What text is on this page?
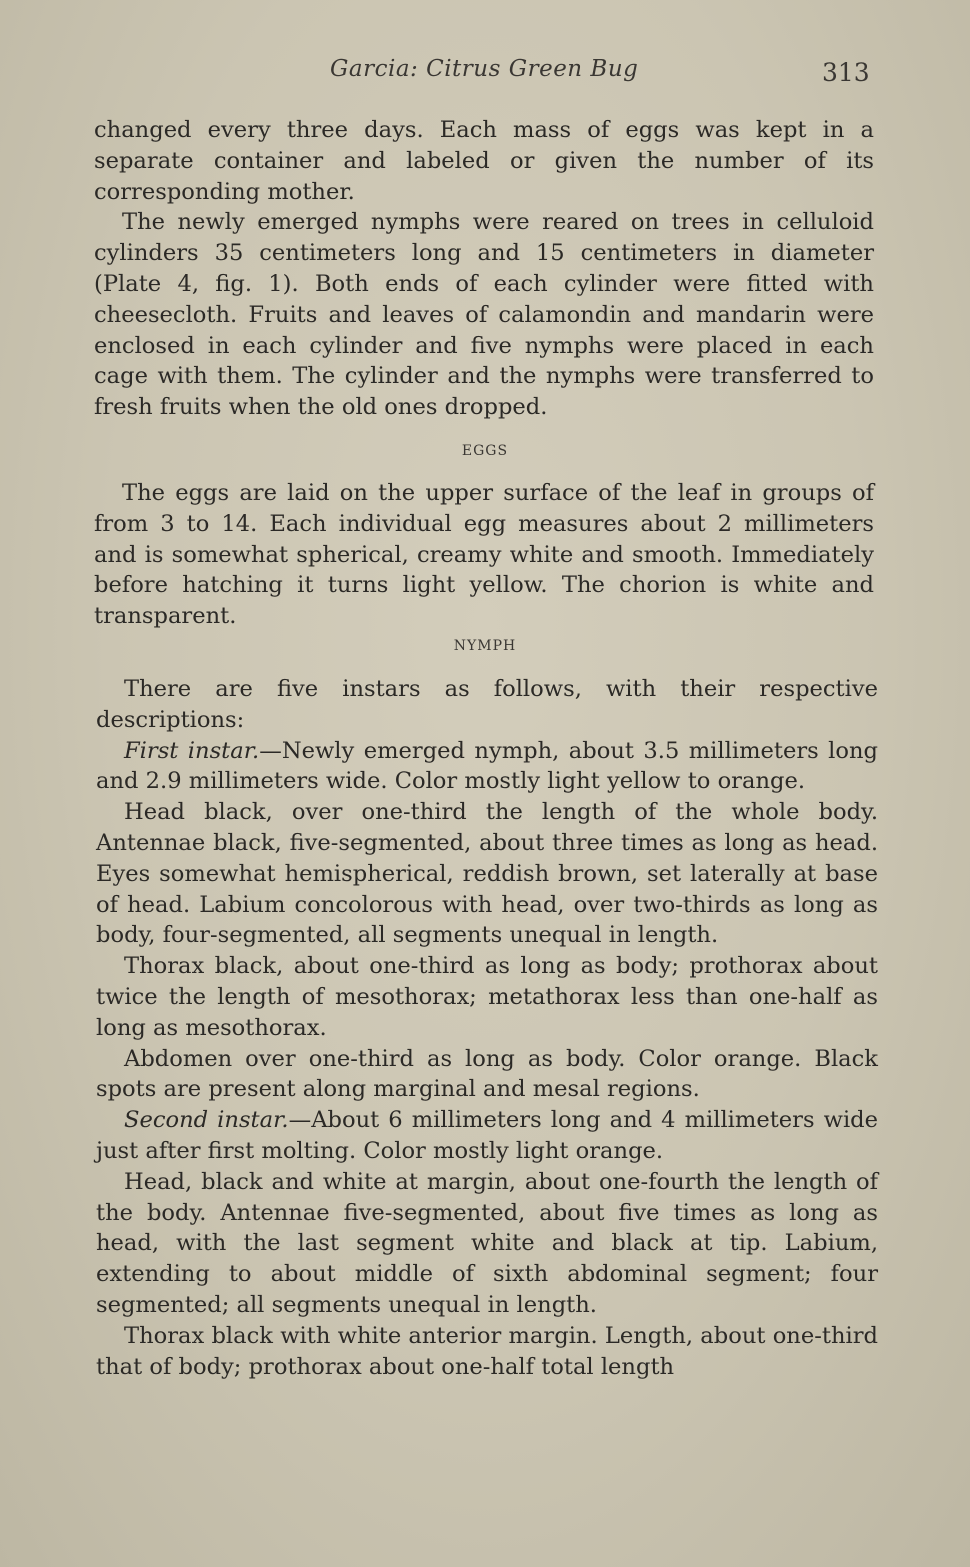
Garcia: Citrus Green Bug	313

changed every three days. Each mass of eggs was kept in a separate container and labeled or given the number of its corresponding mother.

The newly emerged nymphs were reared on trees in celluloid cylinders 35 centimeters long and 15 centimeters in diameter (Plate 4, fig. 1). Both ends of each cylinder were fitted with cheesecloth. Fruits and leaves of calamondin and mandarin were enclosed in each cylinder and five nymphs were placed in each cage with them. The cylinder and the nymphs were transferred to fresh fruits when the old ones dropped.

EGGS

The eggs are laid on the upper surface of the leaf in groups of from 3 to 14. Each individual egg measures about 2 millimeters and is somewhat spherical, creamy white and smooth. Immediately before hatching it turns light yellow. The chorion is white and transparent.

NYMPH

There are five instars as follows, with their respective descriptions:

First instar.—Newly emerged nymph, about 3.5 millimeters long and 2.9 millimeters wide. Color mostly light yellow to orange.

Head black, over one-third the length of the whole body. Antennae black, five-segmented, about three times as long as head. Eyes somewhat hemispherical, reddish brown, set laterally at base of head. Labium concolorous with head, over two-thirds as long as body, four-segmented, all segments unequal in length.

Thorax black, about one-third as long as body; prothorax about twice the length of mesothorax; metathorax less than one-half as long as mesothorax.

Abdomen over one-third as long as body. Color orange. Black spots are present along marginal and mesal regions.

Second instar.—About 6 millimeters long and 4 millimeters wide just after first molting. Color mostly light orange.

Head, black and white at margin, about one-fourth the length of the body. Antennae five-segmented, about five times as long as head, with the last segment white and black at tip. Labium, extending to about middle of sixth abdominal segment; four segmented; all segments unequal in length.

Thorax black with white anterior margin. Length, about one-third that of body; prothorax about one-half total length
